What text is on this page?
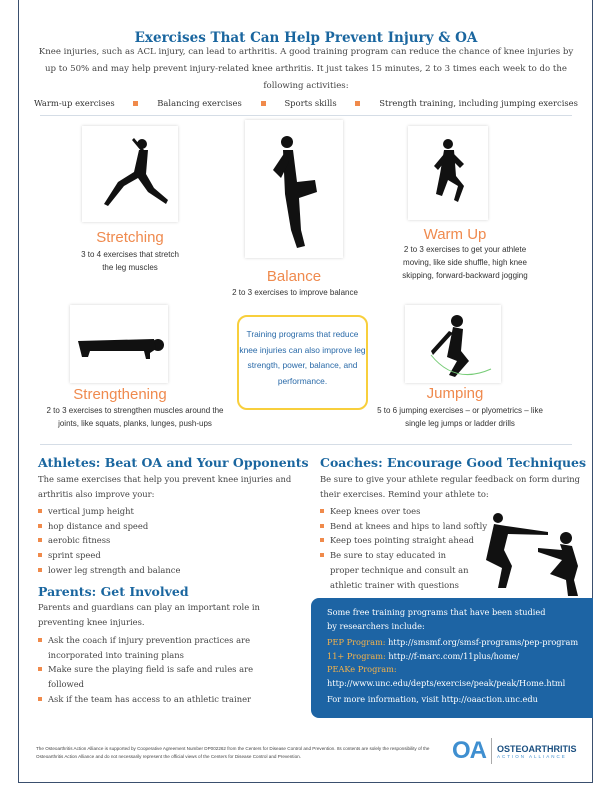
Exercises That Can Help Prevent Injury & OA
Knee injuries, such as ACL injury, can lead to arthritis. A good training program can reduce the chance of knee injuries by up to 50% and may help prevent injury-related knee arthritis. It just takes 15 minutes, 2 to 3 times each week to do the following activities:
Warm-up exercises	Balancing exercises	Sports skills	Strength training, including jumping exercises
Stretching
3 to 4 exercises that stretch the leg muscles
Balance
2 to 3 exercises to improve balance
Warm Up
2 to 3 exercises to get your athlete moving, like side shuffle, high knee skipping, forward-backward jogging
Strengthening
2 to 3 exercises to strengthen muscles around the joints, like squats, planks, lunges, push-ups
Jumping
5 to 6 jumping exercises – or plyometrics – like single leg jumps or ladder drills
Training programs that reduce knee injuries can also improve leg strength, power, balance, and performance.
Athletes: Beat OA and Your Opponents
The same exercises that help you prevent knee injuries and arthritis also improve your:
vertical jump height
hop distance and speed
aerobic fitness
sprint speed
lower leg strength and balance
Parents: Get Involved
Parents and guardians can play an important role in preventing knee injuries.
Ask the coach if injury prevention practices are incorporated into training plans
Make sure the playing field is safe and rules are followed
Ask if the team has access to an athletic trainer
Coaches: Encourage Good Techniques
Be sure to give your athlete regular feedback on form during their exercises. Remind your athlete to:
Keep knees over toes
Bend at knees and hips to land softly
Keep toes pointing straight ahead
Be sure to stay educated in proper technique and consult an athletic trainer with questions
Some free training programs that have been studied by researchers include:
PEP Program: http://smsmf.org/smsf-programs/pep-program
11+ Program: http://f-marc.com/11plus/home/
PEAKe Program: http://www.unc.edu/depts/exercise/peak/peak/Home.html
For more information, visit http://oaaction.unc.edu
The Osteoarthritis Action Alliance is supported by Cooperative Agreement Number DP002262 from the Centers for Disease Control and Prevention. Its contents are solely the responsibility of the Osteoarthritis Action Alliance and do not necessarily represent the official views of the Centers for Disease Control and Prevention.	OA OSTEOARTHRITIS
ACTION ALLIANCE
